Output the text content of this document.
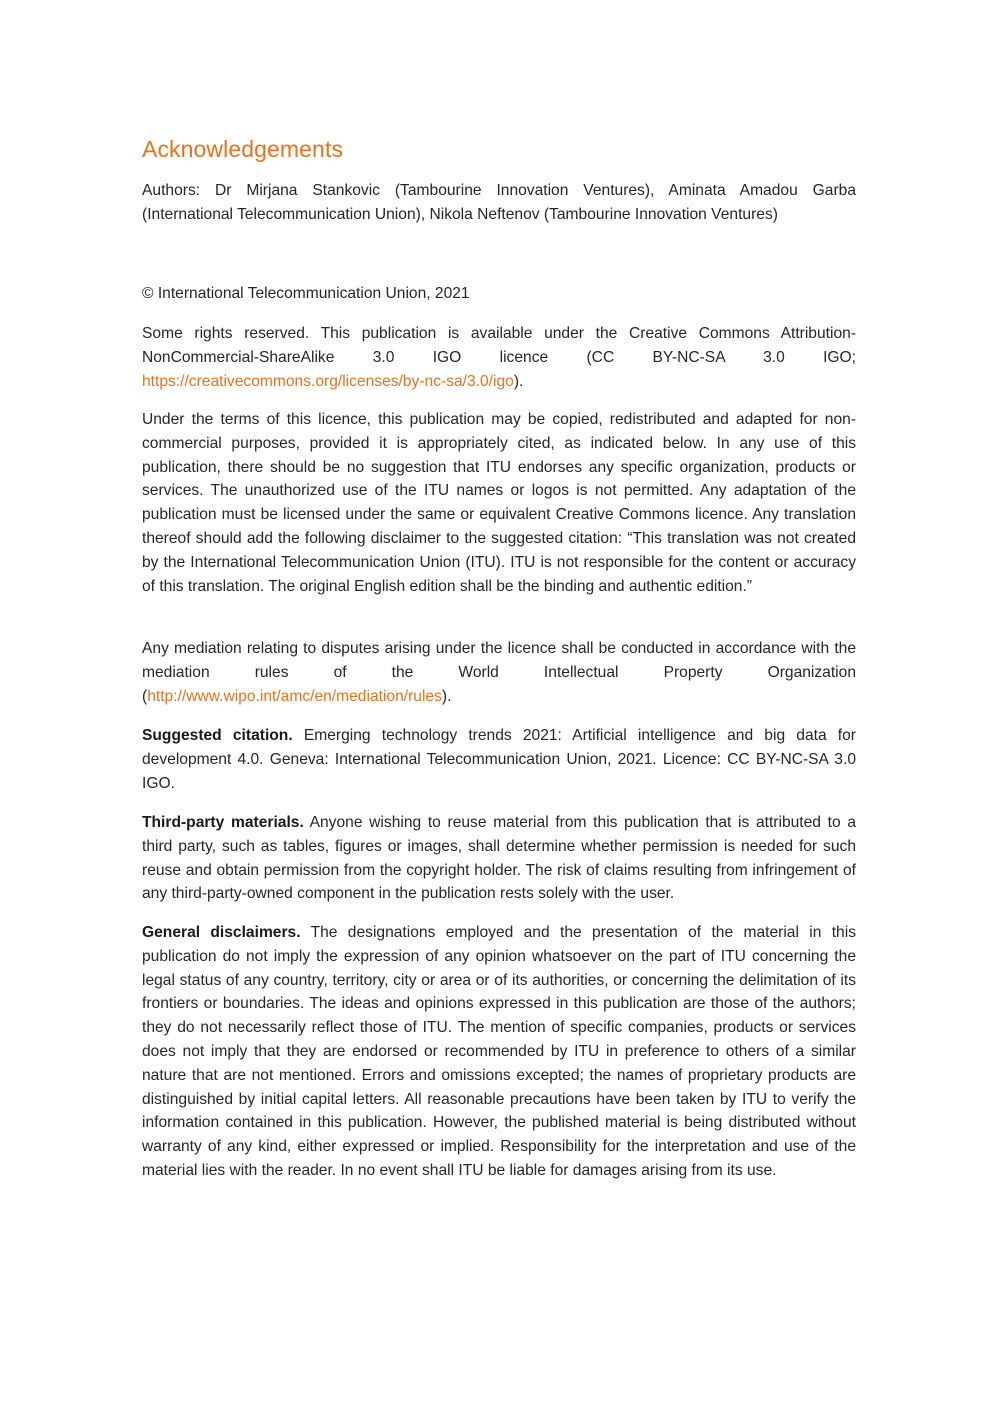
Acknowledgements

Authors: Dr Mirjana Stankovic (Tambourine Innovation Ventures), Aminata Amadou Garba (International Telecommunication Union), Nikola Neftenov (Tambourine Innovation Ventures)

© International Telecommunication Union, 2021

Some rights reserved. This publication is available under the Creative Commons Attribution-NonCommercial-ShareAlike 3.0 IGO licence (CC BY-NC-SA 3.0 IGO; https://creativecommons.org/licenses/by-nc-sa/3.0/igo).

Under the terms of this licence, this publication may be copied, redistributed and adapted for non-commercial purposes, provided it is appropriately cited, as indicated below. In any use of this publication, there should be no suggestion that ITU endorses any specific organization, products or services. The unauthorized use of the ITU names or logos is not permitted. Any adaptation of the publication must be licensed under the same or equivalent Creative Commons licence. Any translation thereof should add the following disclaimer to the suggested citation: “This translation was not created by the International Telecommunication Union (ITU). ITU is not responsible for the content or accuracy of this translation. The original English edition shall be the binding and authentic edition.”

Any mediation relating to disputes arising under the licence shall be conducted in accordance with the mediation rules of the World Intellectual Property Organization (http://www.wipo.int/amc/en/mediation/rules).

Suggested citation. Emerging technology trends 2021: Artificial intelligence and big data for development 4.0. Geneva: International Telecommunication Union, 2021. Licence: CC BY-NC-SA 3.0 IGO.

Third-party materials. Anyone wishing to reuse material from this publication that is attributed to a third party, such as tables, figures or images, shall determine whether permission is needed for such reuse and obtain permission from the copyright holder. The risk of claims resulting from infringement of any third-party-owned component in the publication rests solely with the user.

General disclaimers. The designations employed and the presentation of the material in this publication do not imply the expression of any opinion whatsoever on the part of ITU concerning the legal status of any country, territory, city or area or of its authorities, or concerning the delimitation of its frontiers or boundaries. The ideas and opinions expressed in this publication are those of the authors; they do not necessarily reflect those of ITU. The mention of specific companies, products or services does not imply that they are endorsed or recommended by ITU in preference to others of a similar nature that are not mentioned. Errors and omissions excepted; the names of proprietary products are distinguished by initial capital letters. All reasonable precautions have been taken by ITU to verify the information contained in this publication. However, the published material is being distributed without warranty of any kind, either expressed or implied. Responsibility for the interpretation and use of the material lies with the reader. In no event shall ITU be liable for damages arising from its use.
